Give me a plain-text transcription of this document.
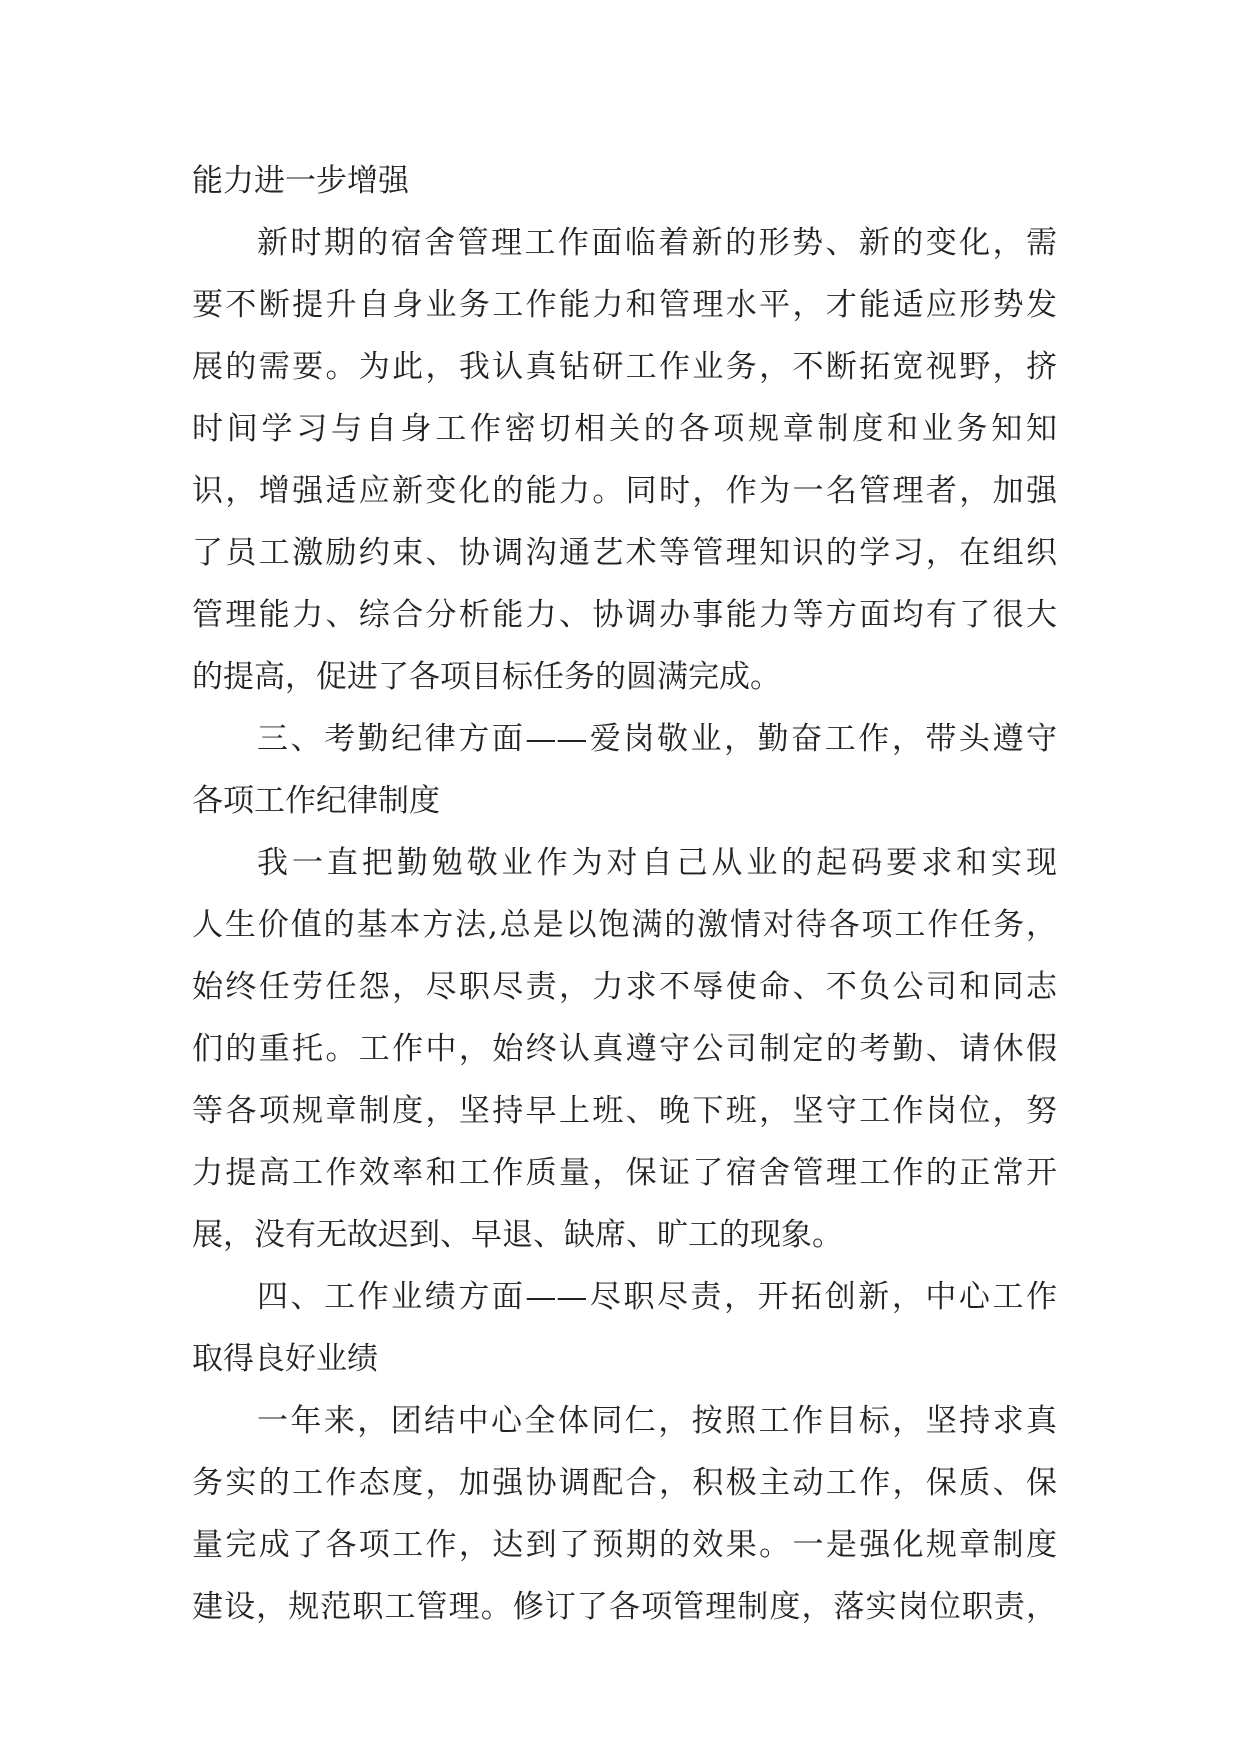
能力进一步增强
新时期的宿舍管理工作面临着新的形势、新的变化，需
要不断提升自身业务工作能力和管理水平，才能适应形势发
展的需要。为此，我认真钻研工作业务，不断拓宽视野，挤
时间学习与自身工作密切相关的各项规章制度和业务知知
识，增强适应新变化的能力。同时，作为一名管理者，加强
了员工激励约束、协调沟通艺术等管理知识的学习，在组织
管理能力、综合分析能力、协调办事能力等方面均有了很大
的提高，促进了各项目标任务的圆满完成。
三、考勤纪律方面——爱岗敬业，勤奋工作，带头遵守
各项工作纪律制度
我一直把勤勉敬业作为对自己从业的起码要求和实现
人生价值的基本方法,总是以饱满的激情对待各项工作任务，
始终任劳任怨，尽职尽责，力求不辱使命、不负公司和同志
们的重托。工作中，始终认真遵守公司制定的考勤、请休假
等各项规章制度，坚持早上班、晚下班，坚守工作岗位，努
力提高工作效率和工作质量，保证了宿舍管理工作的正常开
展，没有无故迟到、早退、缺席、旷工的现象。
四、工作业绩方面——尽职尽责，开拓创新，中心工作
取得良好业绩
一年来，团结中心全体同仁，按照工作目标，坚持求真
务实的工作态度，加强协调配合，积极主动工作，保质、保
量完成了各项工作，达到了预期的效果。一是强化规章制度
建设，规范职工管理。修订了各项管理制度，落实岗位职责，
